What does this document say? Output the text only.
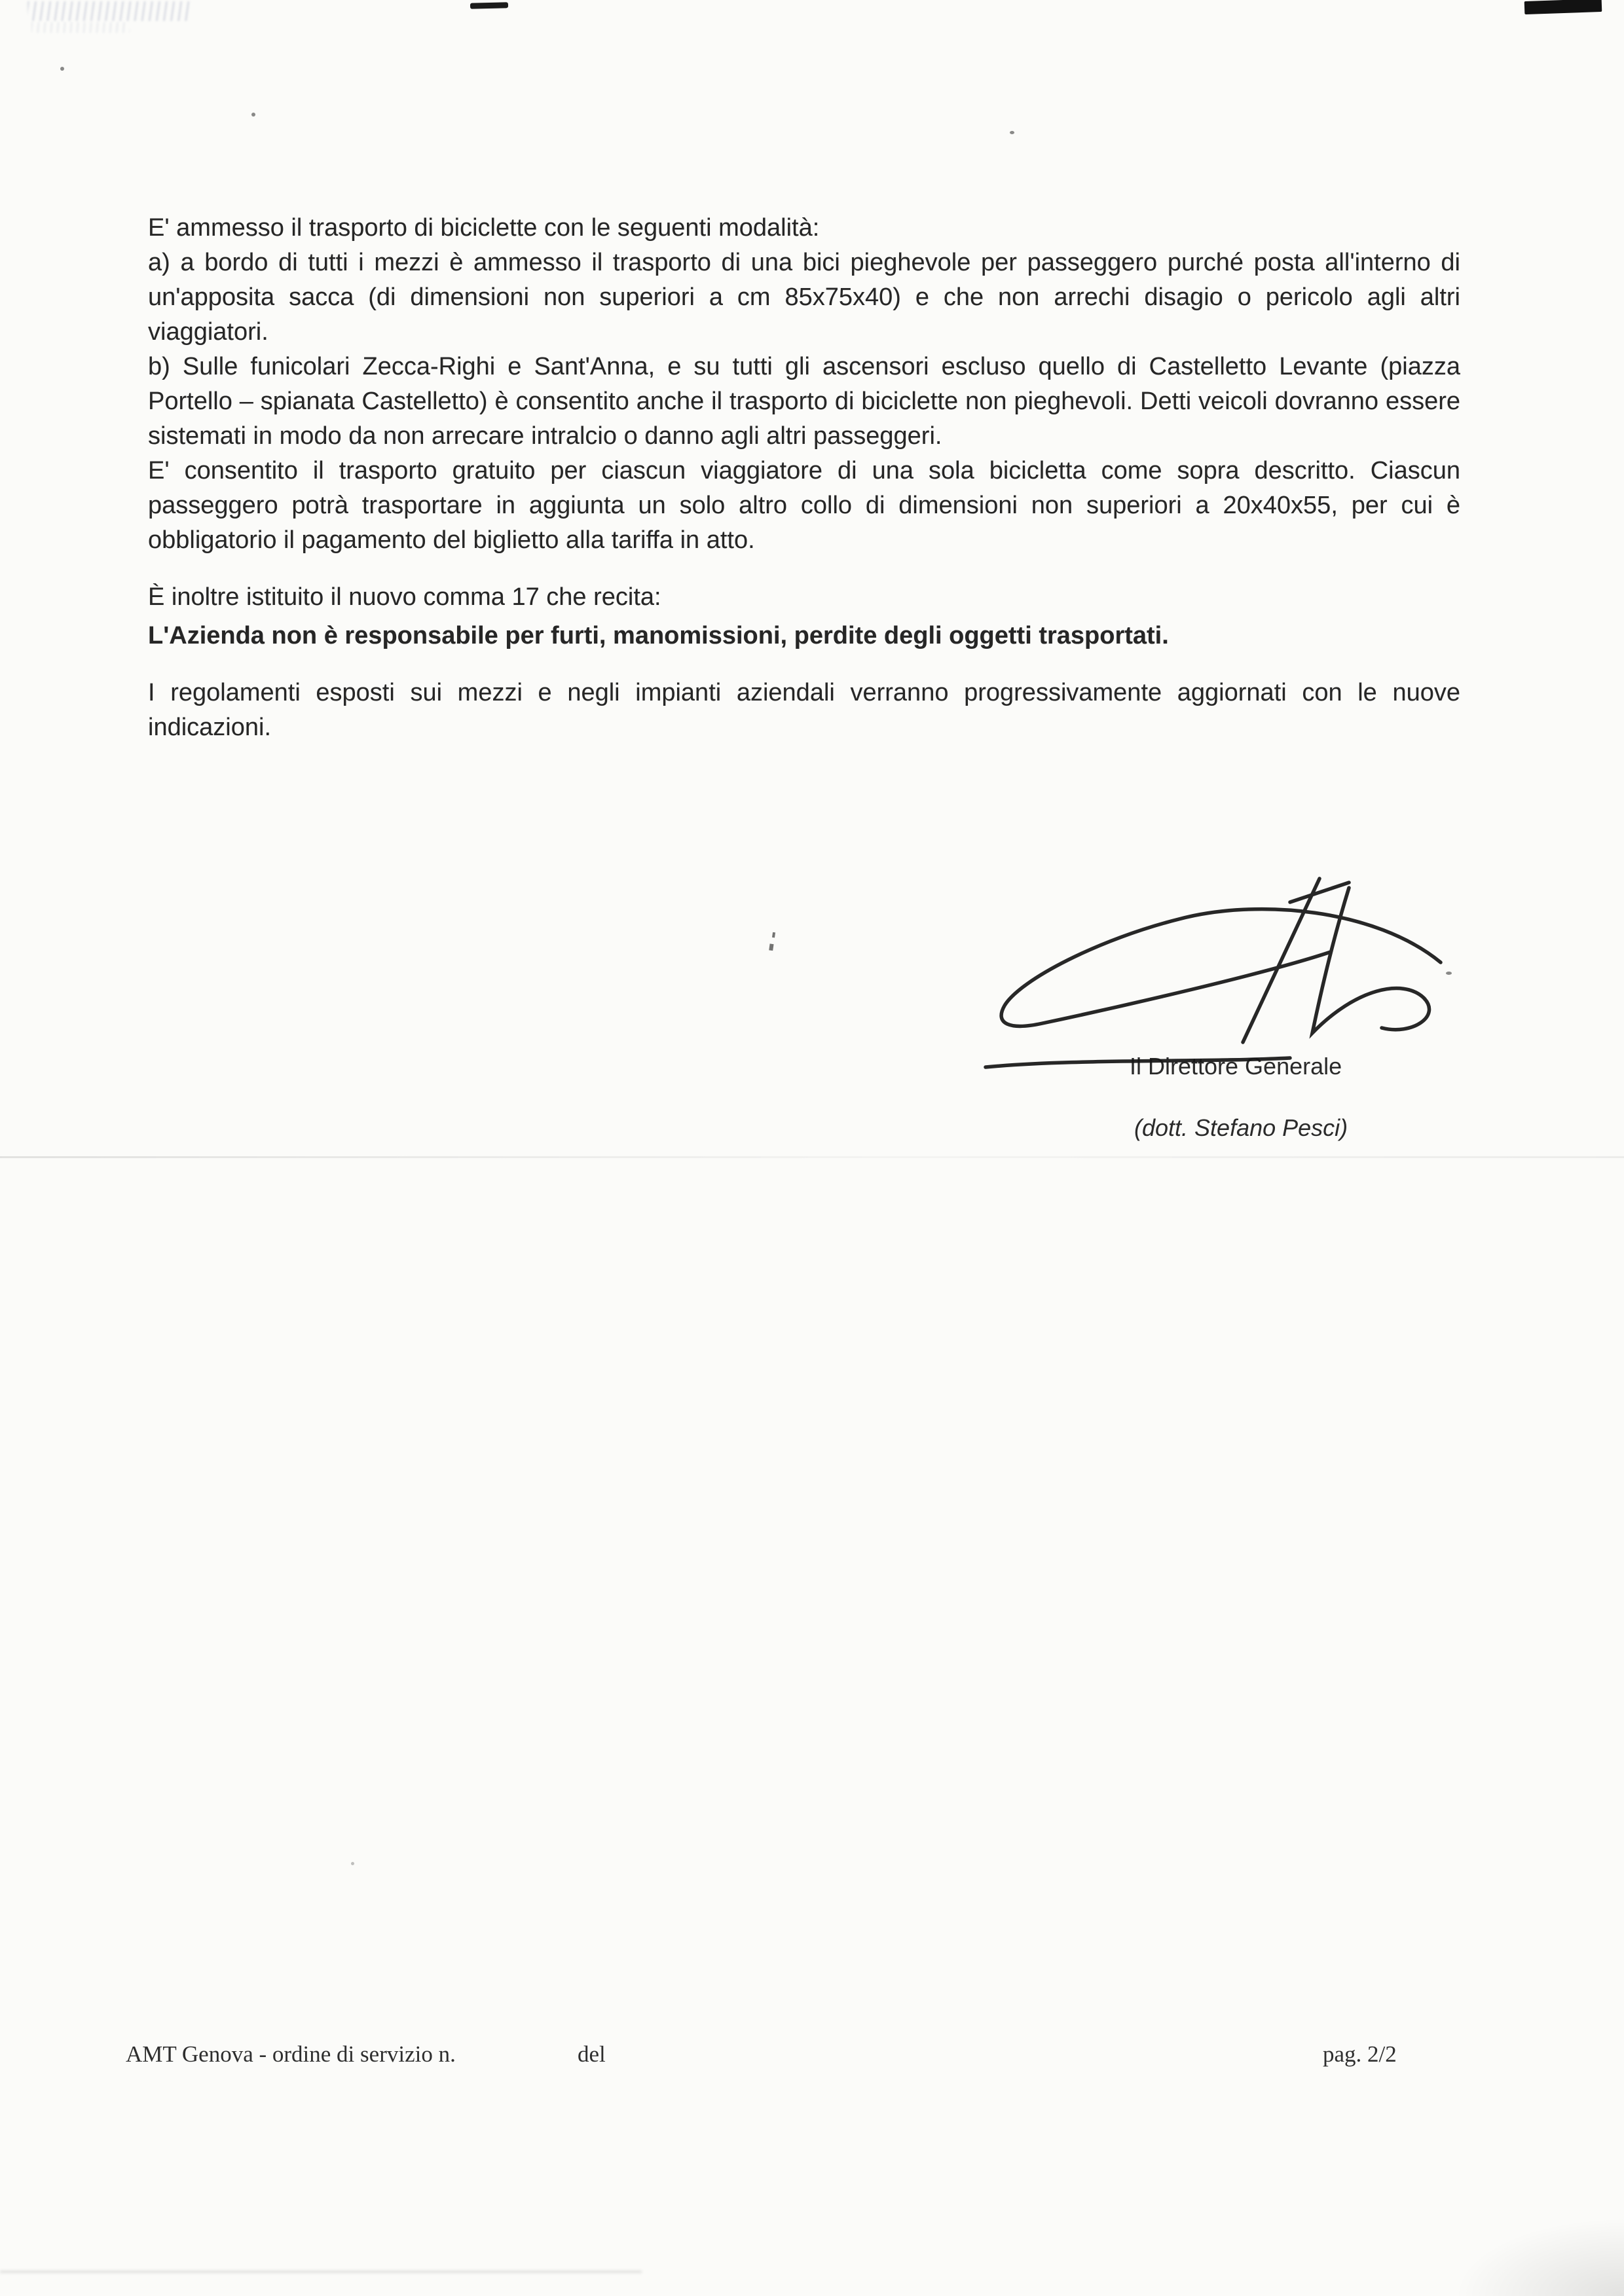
E' ammesso il trasporto di biciclette con le seguenti modalità:

a) a bordo di tutti i mezzi è ammesso il trasporto di una bici pieghevole per passeggero purché posta all'interno di un'apposita sacca (di dimensioni non superiori a cm 85x75x40) e che non arrechi disagio o pericolo agli altri viaggiatori.

b) Sulle funicolari Zecca-Righi e Sant'Anna, e su tutti gli ascensori escluso quello di Castelletto Levante (piazza Portello – spianata Castelletto) è consentito anche il trasporto di biciclette non pieghevoli. Detti veicoli dovranno essere sistemati in modo da non arrecare intralcio o danno agli altri passeggeri.

E' consentito il trasporto gratuito per ciascun viaggiatore di una sola bicicletta come sopra descritto. Ciascun passeggero potrà trasportare in aggiunta un solo altro collo di dimensioni non superiori a 20x40x55, per cui è obbligatorio il pagamento del biglietto alla tariffa in atto.

È inoltre istituito il nuovo comma 17 che recita:

L'Azienda non è responsabile per furti, manomissioni, perdite degli oggetti trasportati.

I regolamenti esposti sui mezzi e negli impianti aziendali verranno progressivamente aggiornati con le nuove indicazioni.

Il Direttore Generale
(dott. Stefano Pesci)
AMT Genova - ordine di servizio n.	del	pag. 2/2
